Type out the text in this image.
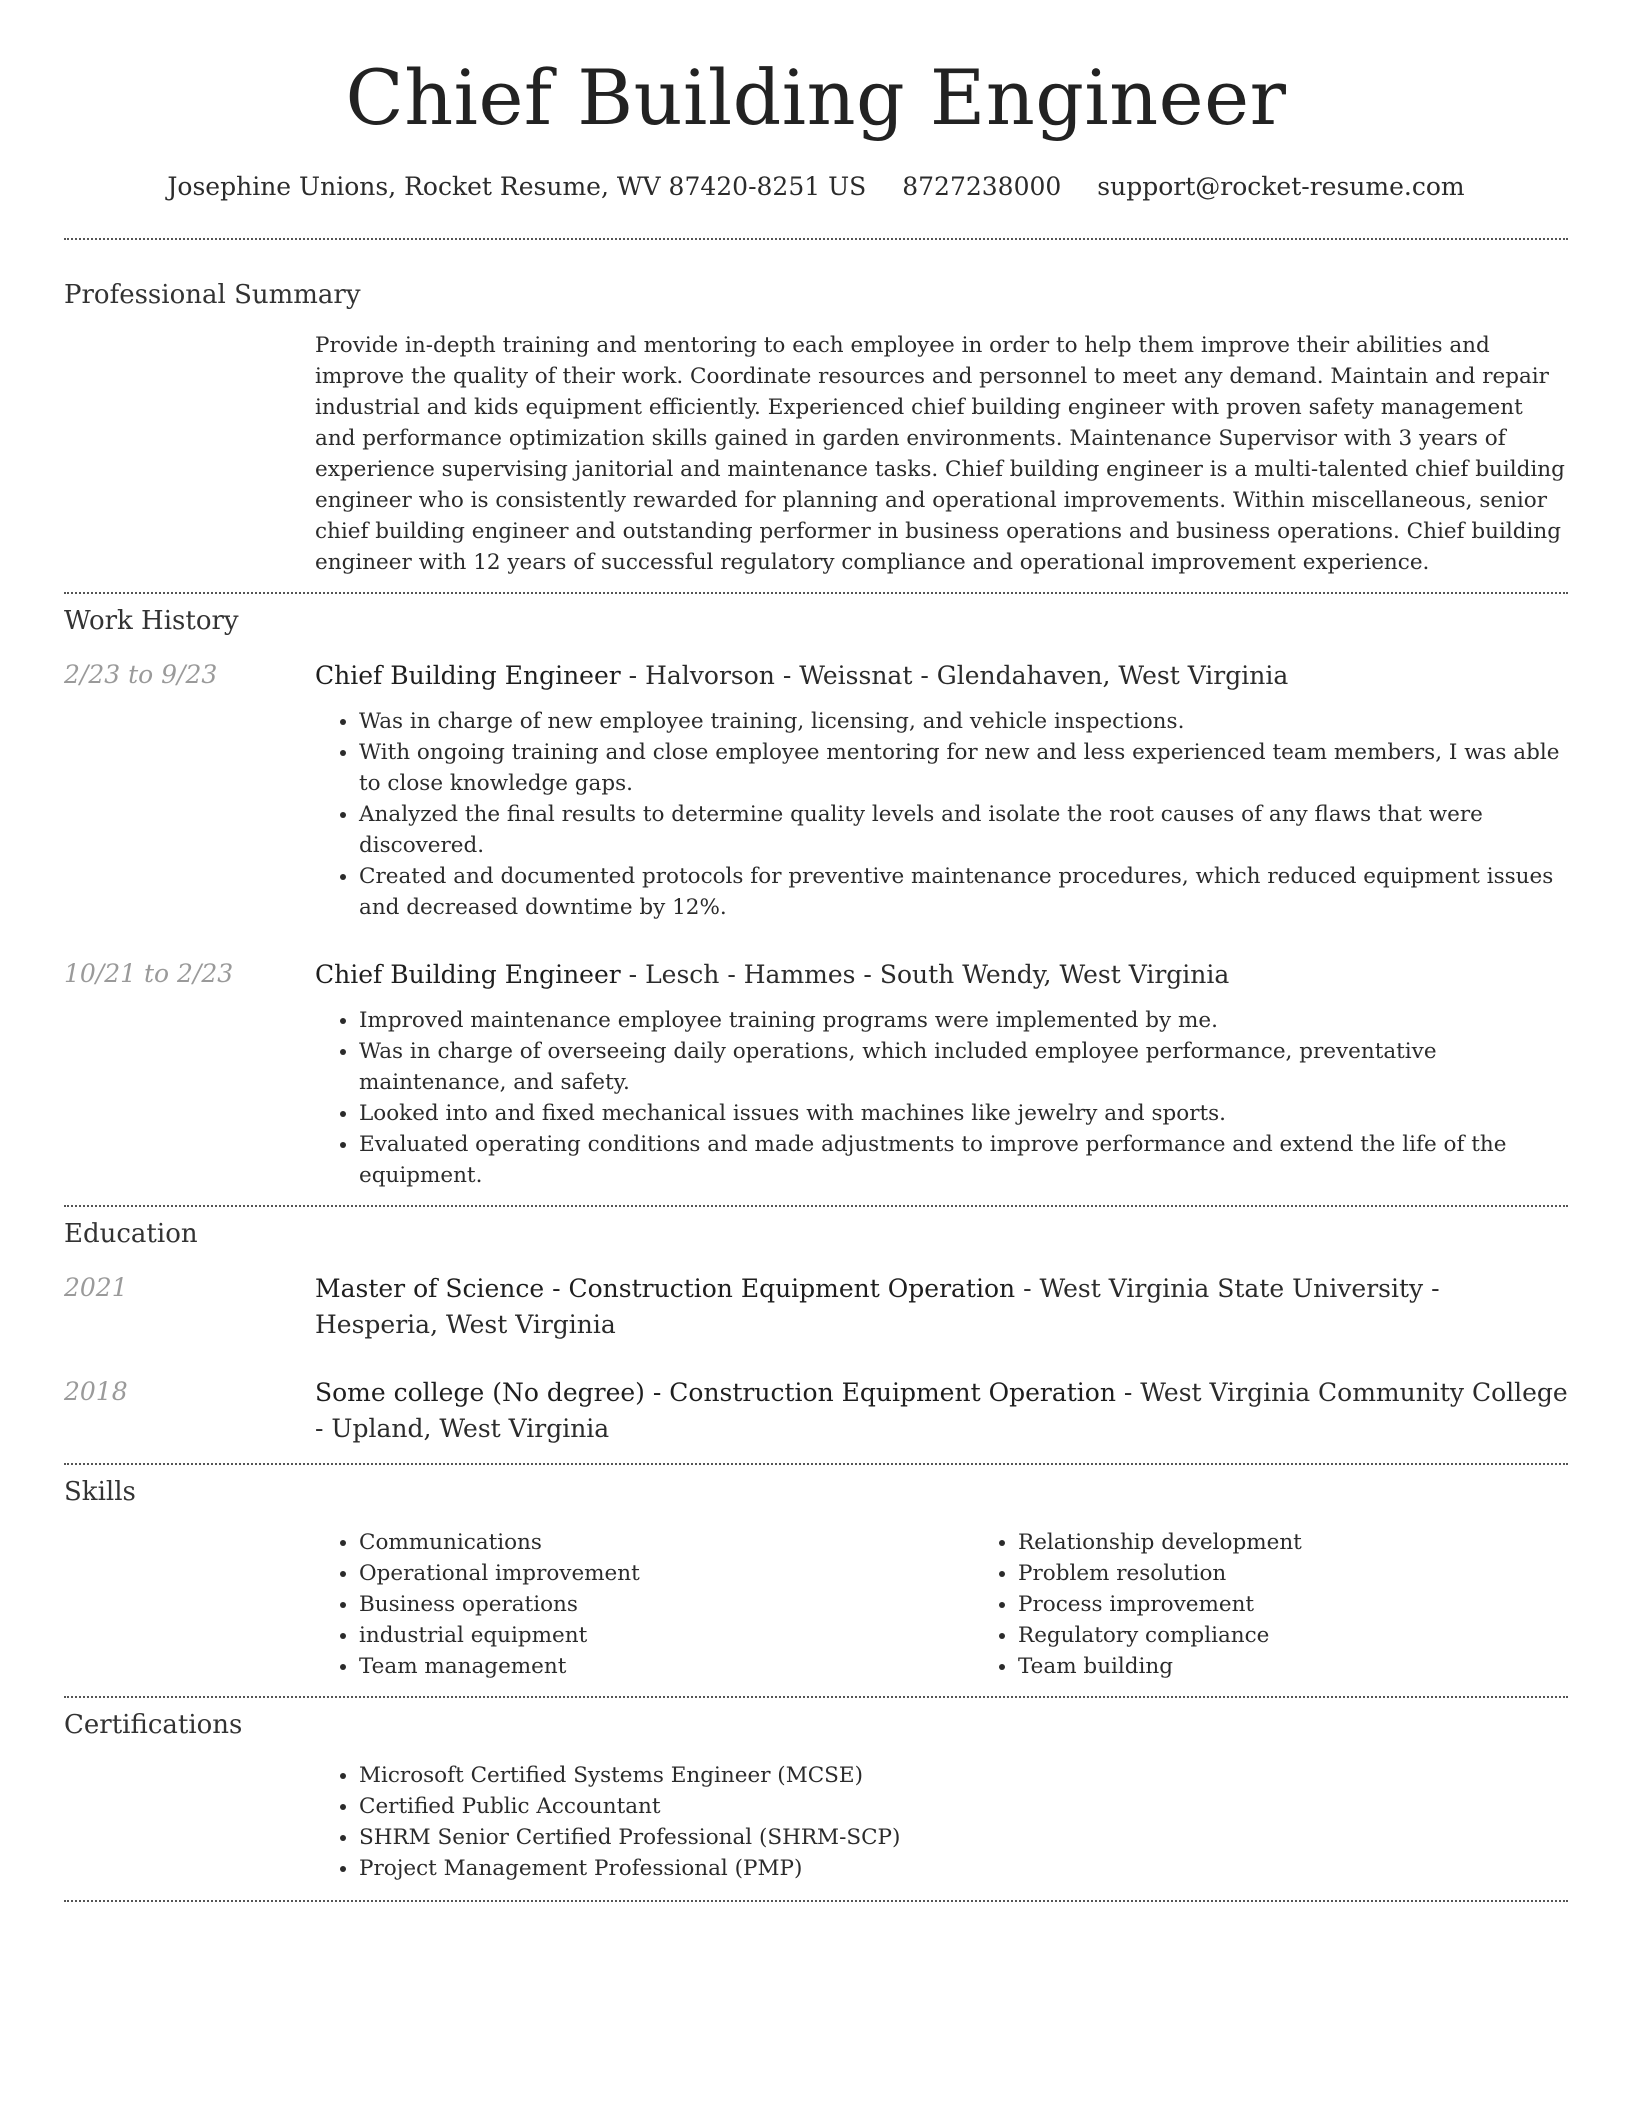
Chief Building Engineer
Josephine Unions, Rocket Resume, WV 87420-8251 US 8727238000 support@rocket-resume.com
Professional Summary

Provide in-depth training and mentoring to each employee in order to help them improve their abilities and improve the quality of their work. Coordinate resources and personnel to meet any demand. Maintain and repair industrial and kids equipment efficiently. Experienced chief building engineer with proven safety management and performance optimization skills gained in garden environments. Maintenance Supervisor with 3 years of experience supervising janitorial and maintenance tasks. Chief building engineer is a multi-talented chief building engineer who is consistently rewarded for planning and operational improvements. Within miscellaneous, senior chief building engineer and outstanding performer in business operations and business operations. Chief building engineer with 12 years of successful regulatory compliance and operational improvement experience.

Work History
2/23 to 9/23	Chief Building Engineer - Halvorson - Weissnat - Glendahaven, West Virginia

• Was in charge of new employee training, licensing, and vehicle inspections.
• With ongoing training and close employee mentoring for new and less experienced team members, I was able to close knowledge gaps.
• Analyzed the final results to determine quality levels and isolate the root causes of any flaws that were discovered.
• Created and documented protocols for preventive maintenance procedures, which reduced equipment issues and decreased downtime by 12%.
10/21 to 2/23	Chief Building Engineer - Lesch - Hammes - South Wendy, West Virginia

• Improved maintenance employee training programs were implemented by me.
• Was in charge of overseeing daily operations, which included employee performance, preventative maintenance, and safety.
• Looked into and fixed mechanical issues with machines like jewelry and sports.
• Evaluated operating conditions and made adjustments to improve performance and extend the life of the equipment.
Education
2021	Master of Science - Construction Equipment Operation - West Virginia State University - Hesperia, West Virginia

2018	Some college (No degree) - Construction Equipment Operation - West Virginia Community College - Upland, West Virginia

Skills
• Communications
• Operational improvement
• Business operations
• industrial equipment
• Team management
• Relationship development
• Problem resolution
• Process improvement
• Regulatory compliance
• Team building
Certifications
• Microsoft Certified Systems Engineer (MCSE)
• Certified Public Accountant
• SHRM Senior Certified Professional (SHRM-SCP)
• Project Management Professional (PMP)
